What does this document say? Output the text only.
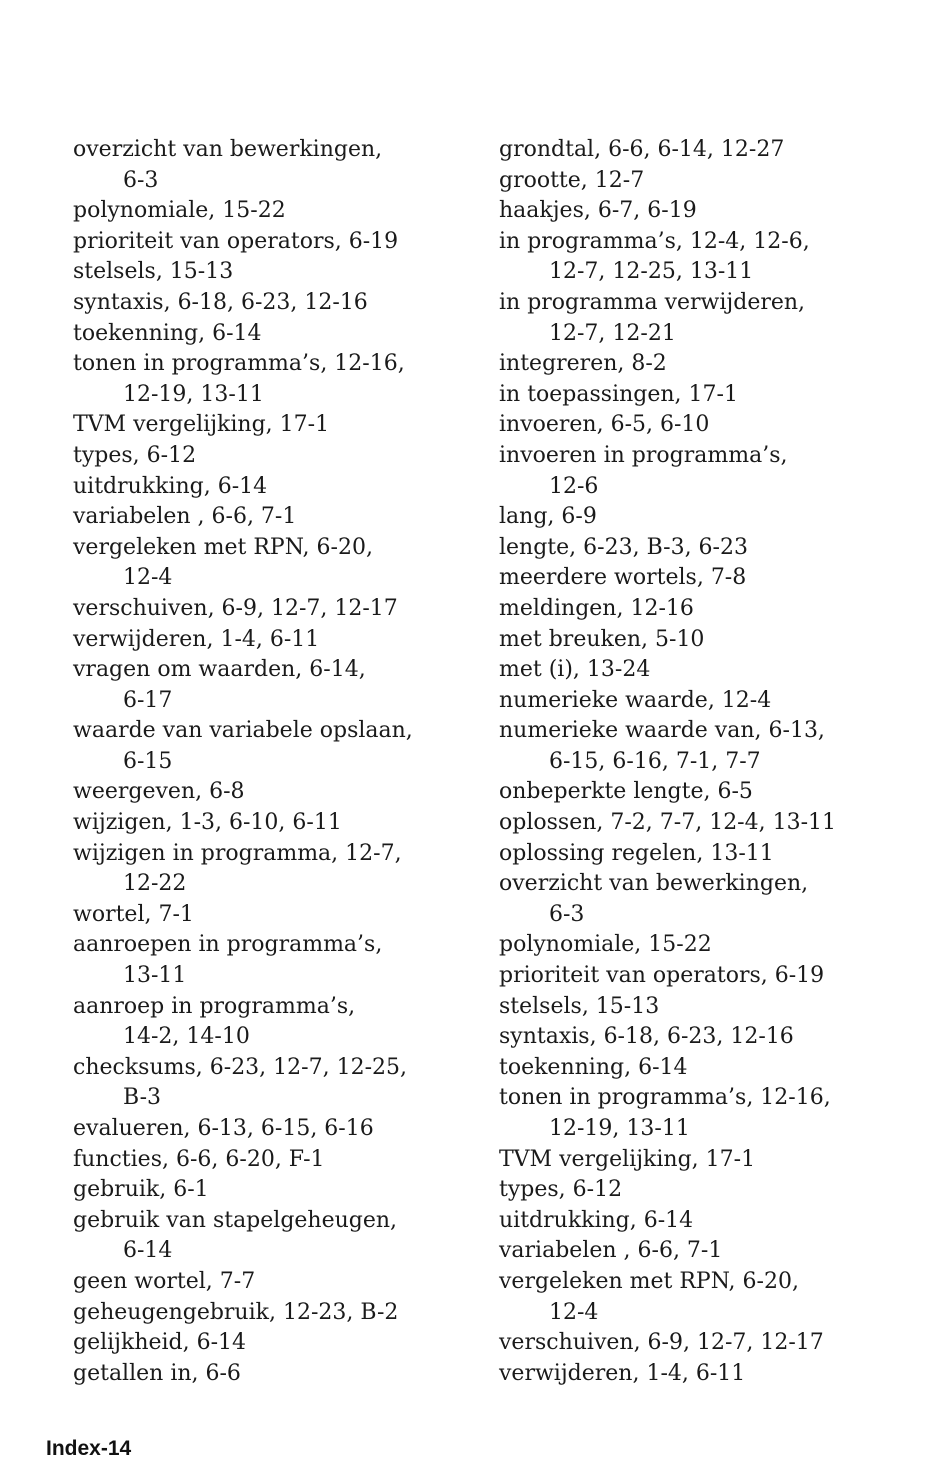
overzicht van bewerkingen,
6-3
polynomiale, 15-22
prioriteit van operators, 6-19
stelsels, 15-13
syntaxis, 6-18, 6-23, 12-16
toekenning, 6-14
tonen in programma’s, 12-16,
12-19, 13-11
TVM vergelijking, 17-1
types, 6-12
uitdrukking, 6-14
variabelen , 6-6, 7-1
vergeleken met RPN, 6-20,
12-4
verschuiven, 6-9, 12-7, 12-17
verwijderen, 1-4, 6-11
vragen om waarden, 6-14,
6-17
waarde van variabele opslaan,
6-15
weergeven, 6-8
wijzigen, 1-3, 6-10, 6-11
wijzigen in programma, 12-7,
12-22
wortel, 7-1
aanroepen in programma’s,
13-11
aanroep in programma’s,
14-2, 14-10
checksums, 6-23, 12-7, 12-25,
B-3
evalueren, 6-13, 6-15, 6-16
functies, 6-6, 6-20, F-1
gebruik, 6-1
gebruik van stapelgeheugen,
6-14
geen wortel, 7-7
geheugengebruik, 12-23, B-2
gelijkheid, 6-14
getallen in, 6-6
grondtal, 6-6, 6-14, 12-27
grootte, 12-7
haakjes, 6-7, 6-19
in programma’s, 12-4, 12-6,
12-7, 12-25, 13-11
in programma verwijderen,
12-7, 12-21
integreren, 8-2
in toepassingen, 17-1
invoeren, 6-5, 6-10
invoeren in programma’s,
12-6
lang, 6-9
lengte, 6-23, B-3, 6-23
meerdere wortels, 7-8
meldingen, 12-16
met breuken, 5-10
met (i), 13-24
numerieke waarde, 12-4
numerieke waarde van, 6-13,
6-15, 6-16, 7-1, 7-7
onbeperkte lengte, 6-5
oplossen, 7-2, 7-7, 12-4, 13-11
oplossing regelen, 13-11
overzicht van bewerkingen,
6-3
polynomiale, 15-22
prioriteit van operators, 6-19
stelsels, 15-13
syntaxis, 6-18, 6-23, 12-16
toekenning, 6-14
tonen in programma’s, 12-16,
12-19, 13-11
TVM vergelijking, 17-1
types, 6-12
uitdrukking, 6-14
variabelen , 6-6, 7-1
vergeleken met RPN, 6-20,
12-4
verschuiven, 6-9, 12-7, 12-17
verwijderen, 1-4, 6-11
Index-14
